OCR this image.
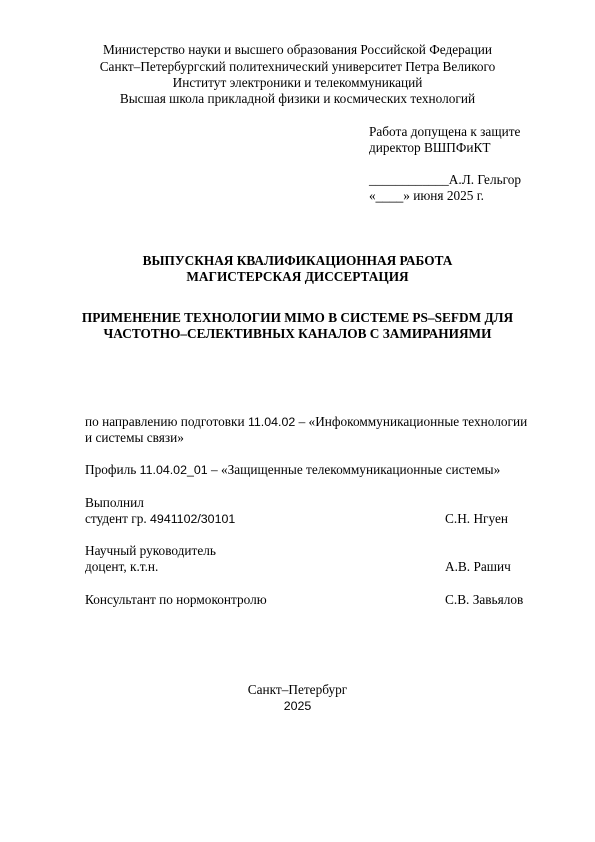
Министерство науки и высшего образования Российской Федерации
Санкт–Петербургский политехнический университет Петра Великого
Институт электроники и телекоммуникаций
Высшая школа прикладной физики и космических технологий
Работа допущена к защите
директор ВШПФиКТ
____________А.Л. Гельгор
«____» июня 2025 г.
ВЫПУСКНАЯ КВАЛИФИКАЦИОННАЯ РАБОТА
МАГИСТЕРСКАЯ ДИССЕРТАЦИЯ
ПРИМЕНЕНИЕ ТЕХНОЛОГИИ MIMO В СИСТЕМЕ PS–SEFDM ДЛЯ
ЧАСТОТНО–СЕЛЕКТИВНЫХ КАНАЛОВ С ЗАМИРАНИЯМИ
по направлению подготовки 11.04.02 – «Инфокоммуникационные технологии
и системы связи»
Профиль 11.04.02_01 – «Защищенные телекоммуникационные системы»
Выполнил
студент гр. 4941102/30101	С.Н. Нгуен
Научный руководитель
доцент, к.т.н.	А.В. Рашич
Консультант по нормоконтролю	С.В. Завьялов
Санкт–Петербург
2025
